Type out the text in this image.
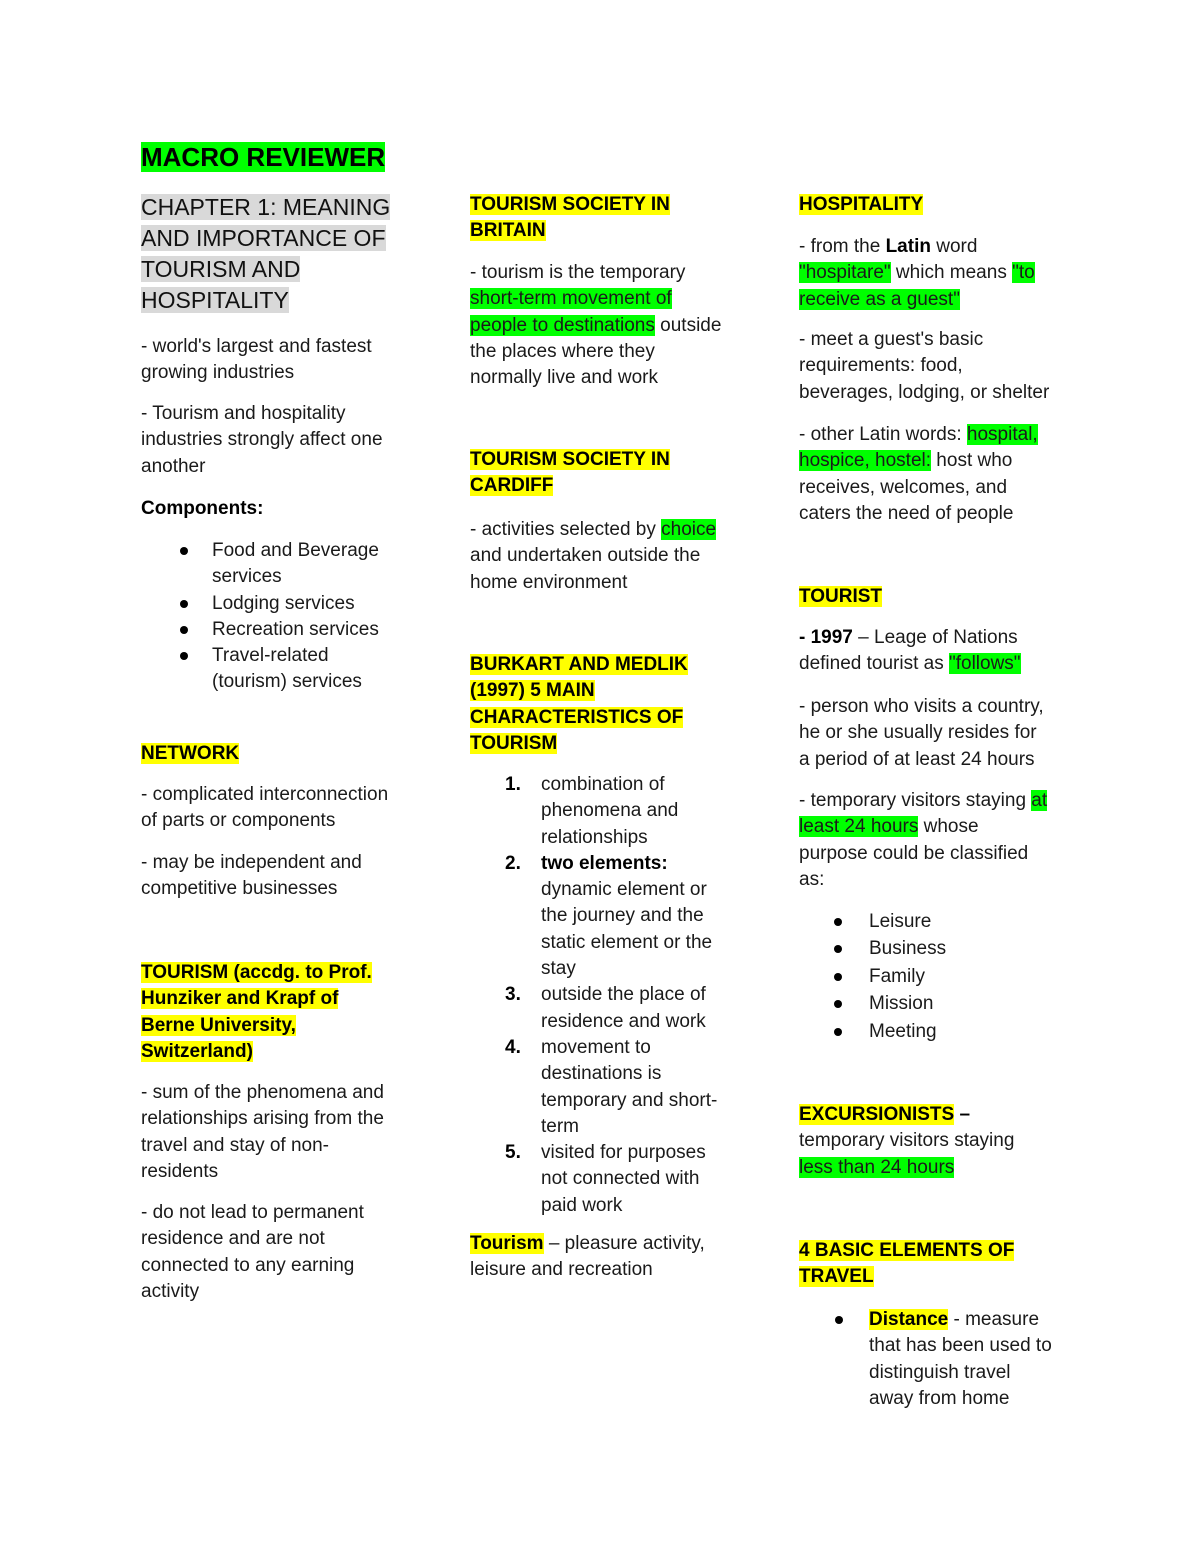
MACRO REVIEWER
CHAPTER 1: MEANING
AND IMPORTANCE OF
TOURISM AND
HOSPITALITY
- world's largest and fastest
growing industries
- Tourism and hospitality
industries strongly affect one
another
Components:
Food and Beverage
services
Lodging services
Recreation services
Travel-related
(tourism) services
NETWORK
- complicated interconnection
of parts or components
- may be independent and
competitive businesses
TOURISM (accdg. to Prof.
Hunziker and Krapf of
Berne University,
Switzerland)
- sum of the phenomena and
relationships arising from the
travel and stay of non-
residents
- do not lead to permanent
residence and are not
connected to any earning
activity
TOURISM SOCIETY IN
BRITAIN
- tourism is the temporary
short-term movement of
people to destinations outside
the places where they
normally live and work
TOURISM SOCIETY IN
CARDIFF
- activities selected by choice
and undertaken outside the
home environment
BURKART AND MEDLIK
(1997) 5 MAIN
CHARACTERISTICS OF
TOURISM
1. combination of
phenomena and
relationships
2. two elements:
dynamic element or
the journey and the
static element or the
stay
3. outside the place of
residence and work
4. movement to
destinations is
temporary and short-
term
5. visited for purposes
not connected with
paid work
Tourism – pleasure activity,
leisure and recreation
HOSPITALITY
- from the Latin word
"hospitare" which means "to
receive as a guest"
- meet a guest's basic
requirements: food,
beverages, lodging, or shelter
- other Latin words: hospital,
hospice, hostel: host who
receives, welcomes, and
caters the need of people
TOURIST
- 1997 – Leage of Nations
defined tourist as "follows"
- person who visits a country,
he or she usually resides for
a period of at least 24 hours
- temporary visitors staying at
least 24 hours whose
purpose could be classified
as:
Leisure
Business
Family
Mission
Meeting
EXCURSIONISTS –
temporary visitors staying
less than 24 hours
4 BASIC ELEMENTS OF
TRAVEL
Distance - measure
that has been used to
distinguish travel
away from home
